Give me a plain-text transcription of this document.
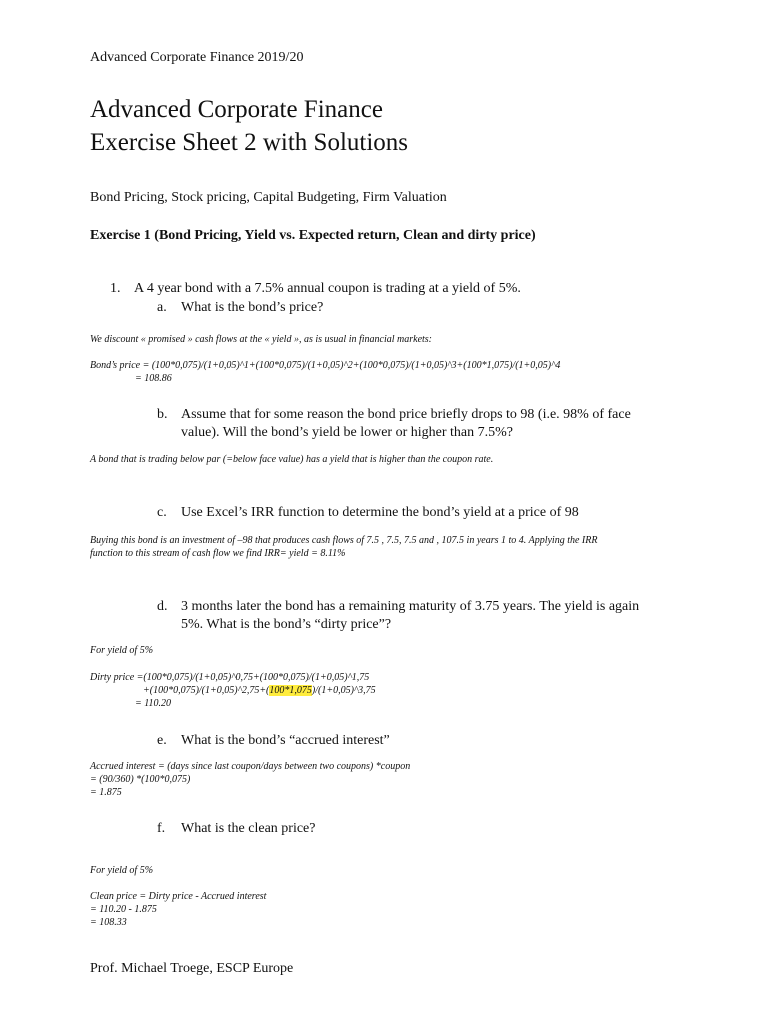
Advanced Corporate Finance 2019/20
Advanced Corporate Finance
Exercise Sheet 2 with Solutions
Bond Pricing, Stock pricing, Capital Budgeting, Firm Valuation
Exercise 1 (Bond Pricing, Yield vs. Expected return, Clean and dirty price)
1. A 4 year bond with a 7.5% annual coupon is trading at a yield of 5%.
a. What is the bond’s price?
We discount « promised » cash flows at the « yield », as is usual in financial markets:
Bond’s price = (100*0,075)/(1+0,05)^1+(100*0,075)/(1+0,05)^2+(100*0,075)/(1+0,05)^3+(100*1,075)/(1+0,05)^4
= 108.86
b. Assume that for some reason the bond price briefly drops to 98 (i.e. 98% of face
value). Will the bond’s yield be lower or higher than 7.5%?
A bond that is trading below par (=below face value) has a yield that is higher than the coupon rate.
c. Use Excel’s IRR function to determine the bond’s yield at a price of 98
Buying this bond is an investment of –98 that produces cash flows of 7.5 , 7.5, 7.5 and , 107.5 in years 1 to 4. Applying the IRR
function to this stream of cash flow we find IRR= yield = 8.11%
d. 3 months later the bond has a remaining maturity of 3.75 years. The yield is again
5%. What is the bond’s “dirty price”?
For yield of 5%
Dirty price =(100*0,075)/(1+0,05)^0,75+(100*0,075)/(1+0,05)^1,75
+(100*0,075)/(1+0,05)^2,75+(100*1,075)/(1+0,05)^3,75
= 110.20
e. What is the bond’s “accrued interest”
Accrued interest = (days since last coupon/days between two coupons) *coupon
= (90/360) *(100*0,075)
= 1.875
f. What is the clean price?
For yield of 5%
Clean price = Dirty price - Accrued interest
= 110.20 - 1.875
= 108.33
Prof. Michael Troege, ESCP Europe
